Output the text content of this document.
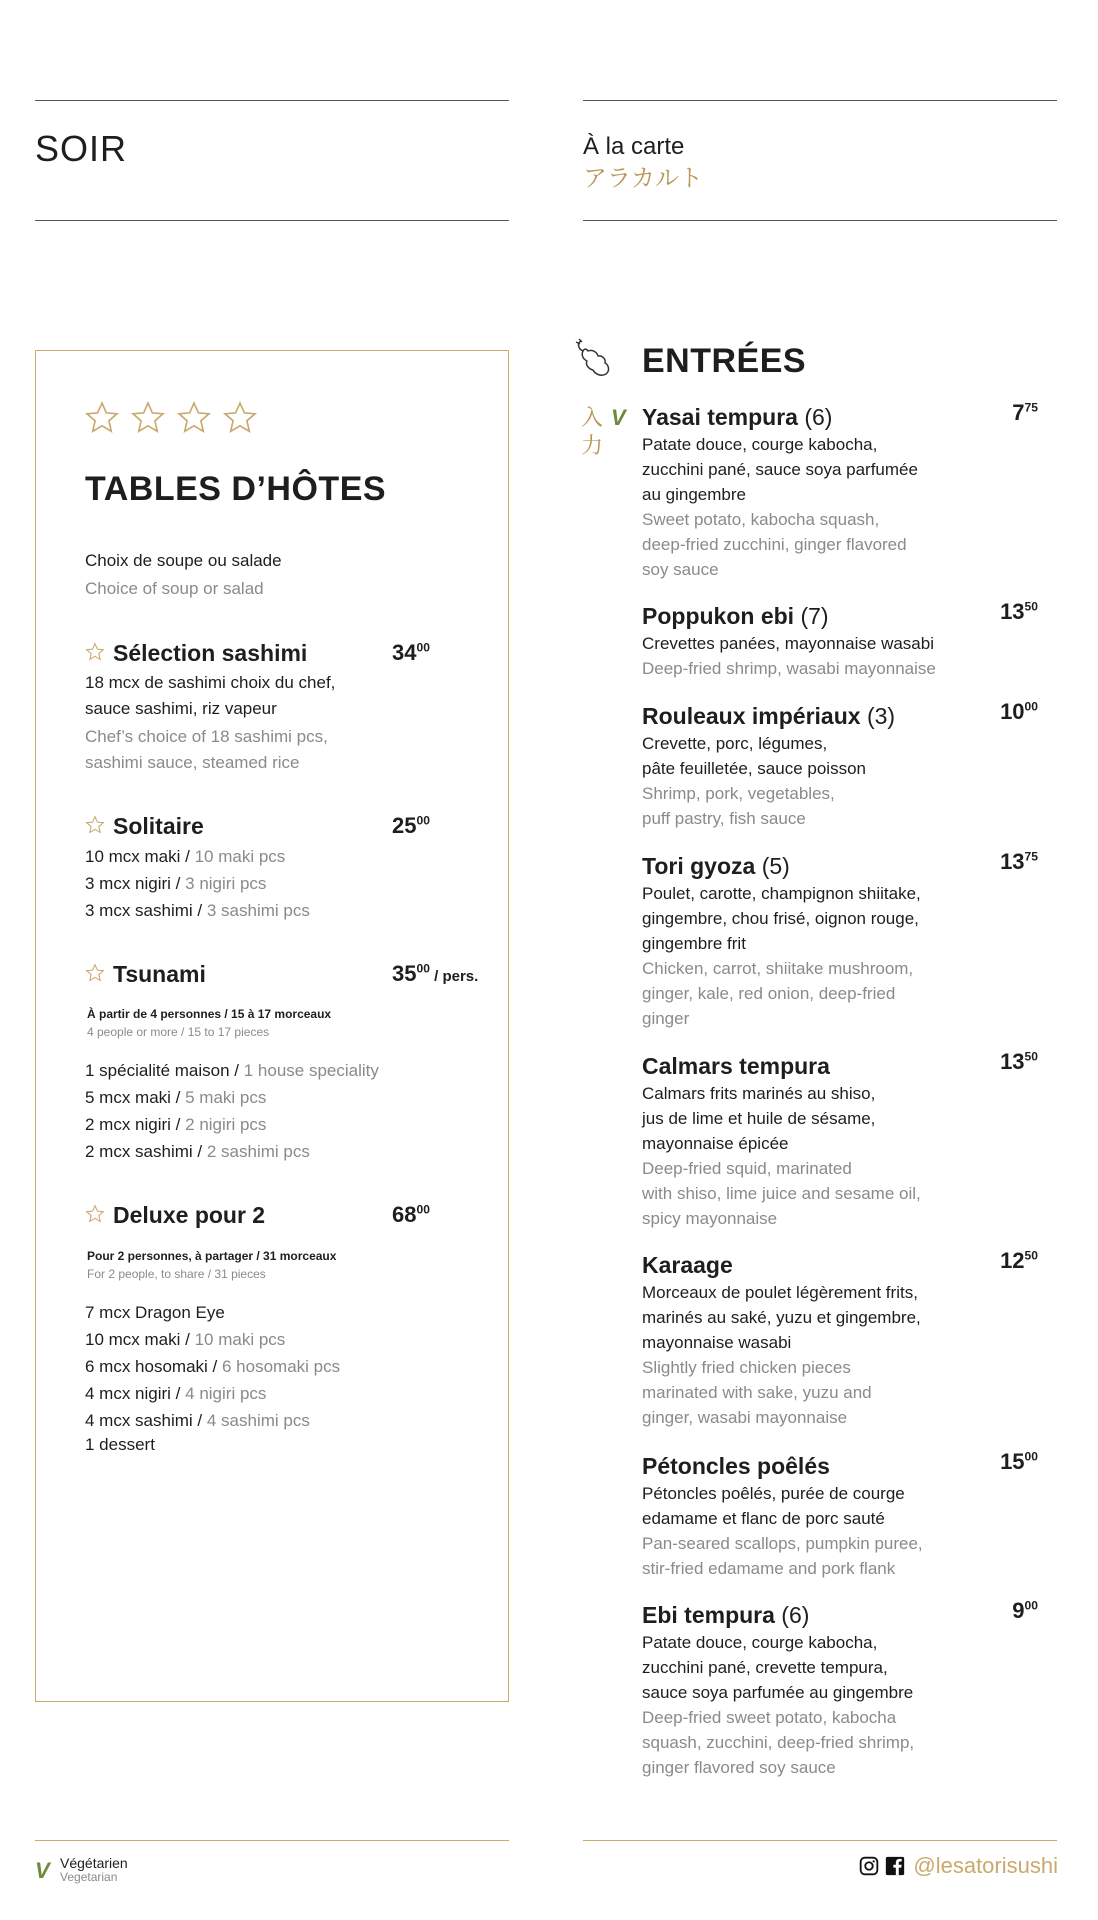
SOIR	À la carte
アラカルト
TABLES D’HÔTES
Choix de soupe ou salade
Choice of soup or salad
Sélection sashimi	$34^{00}$
18 mcx de sashimi choix du chef,
sauce sashimi, riz vapeur
Chef’s choice of 18 sashimi pcs,
sashimi sauce, steamed rice
Solitaire	$25^{00}$
10 mcx maki / 10 maki pcs
3 mcx nigiri / 3 nigiri pcs
3 mcx sashimi / 3 sashimi pcs
Tsunami	$35^{00}$ / pers.
À partir de 4 personnes / 15 à 17 morceaux
4 people or more / 15 to 17 pieces
1 spécialité maison / 1 house speciality
5 mcx maki / 5 maki pcs
2 mcx nigiri / 2 nigiri pcs
2 mcx sashimi / 2 sashimi pcs
Deluxe pour 2	$68^{00}$
Pour 2 personnes, à partager / 31 morceaux
For 2 people, to share / 31 pieces
7 mcx Dragon Eye
10 mcx maki / 10 maki pcs
6 mcx hosomaki / 6 hosomaki pcs
4 mcx nigiri / 4 nigiri pcs
4 mcx sashimi / 4 sashimi pcs
1 dessert
ENTRÉES
入力
V Yasai tempura (6)
Patate douce, courge kabocha,
zucchini pané, sauce soya parfumée
au gingembre
Sweet potato, kabocha squash,
deep-fried zucchini, ginger flavored
soy sauce
$7^{75}$
Poppukon ebi (7)
Crevettes panées, mayonnaise wasabi
Deep-fried shrimp, wasabi mayonnaise
$13^{50}$
Rouleaux impériaux (3)
Crevette, porc, légumes,
pâte feuilletée, sauce poisson
Shrimp, pork, vegetables,
puff pastry, fish sauce
$10^{00}$
Tori gyoza (5)
Poulet, carotte, champignon shiitake,
gingembre, chou frisé, oignon rouge,
gingembre frit
Chicken, carrot, shiitake mushroom,
ginger, kale, red onion, deep-fried
ginger
$13^{75}$
Calmars tempura
Calmars frits marinés au shiso,
jus de lime et huile de sésame,
mayonnaise épicée
Deep-fried squid, marinated
with shiso, lime juice and sesame oil,
spicy mayonnaise
$13^{50}$
Karaage
Morceaux de poulet légèrement frits,
marinés au saké, yuzu et gingembre,
mayonnaise wasabi
Slightly fried chicken pieces
marinated with sake, yuzu and
ginger, wasabi mayonnaise
$12^{50}$
Pétoncles poêlés
Pétoncles poêlés, purée de courge
edamame et flanc de porc sauté
Pan-seared scallops, pumpkin puree,
stir-fried edamame and pork flank
$15^{00}$
Ebi tempura (6)
Patate douce, courge kabocha,
zucchini pané, crevette tempura,
sauce soya parfumée au gingembre
Deep-fried sweet potato, kabocha
squash, zucchini, deep-fried shrimp,
ginger flavored soy sauce
$9^{00}$
V Végétarien
Vegetarian	@lesatorisushi
